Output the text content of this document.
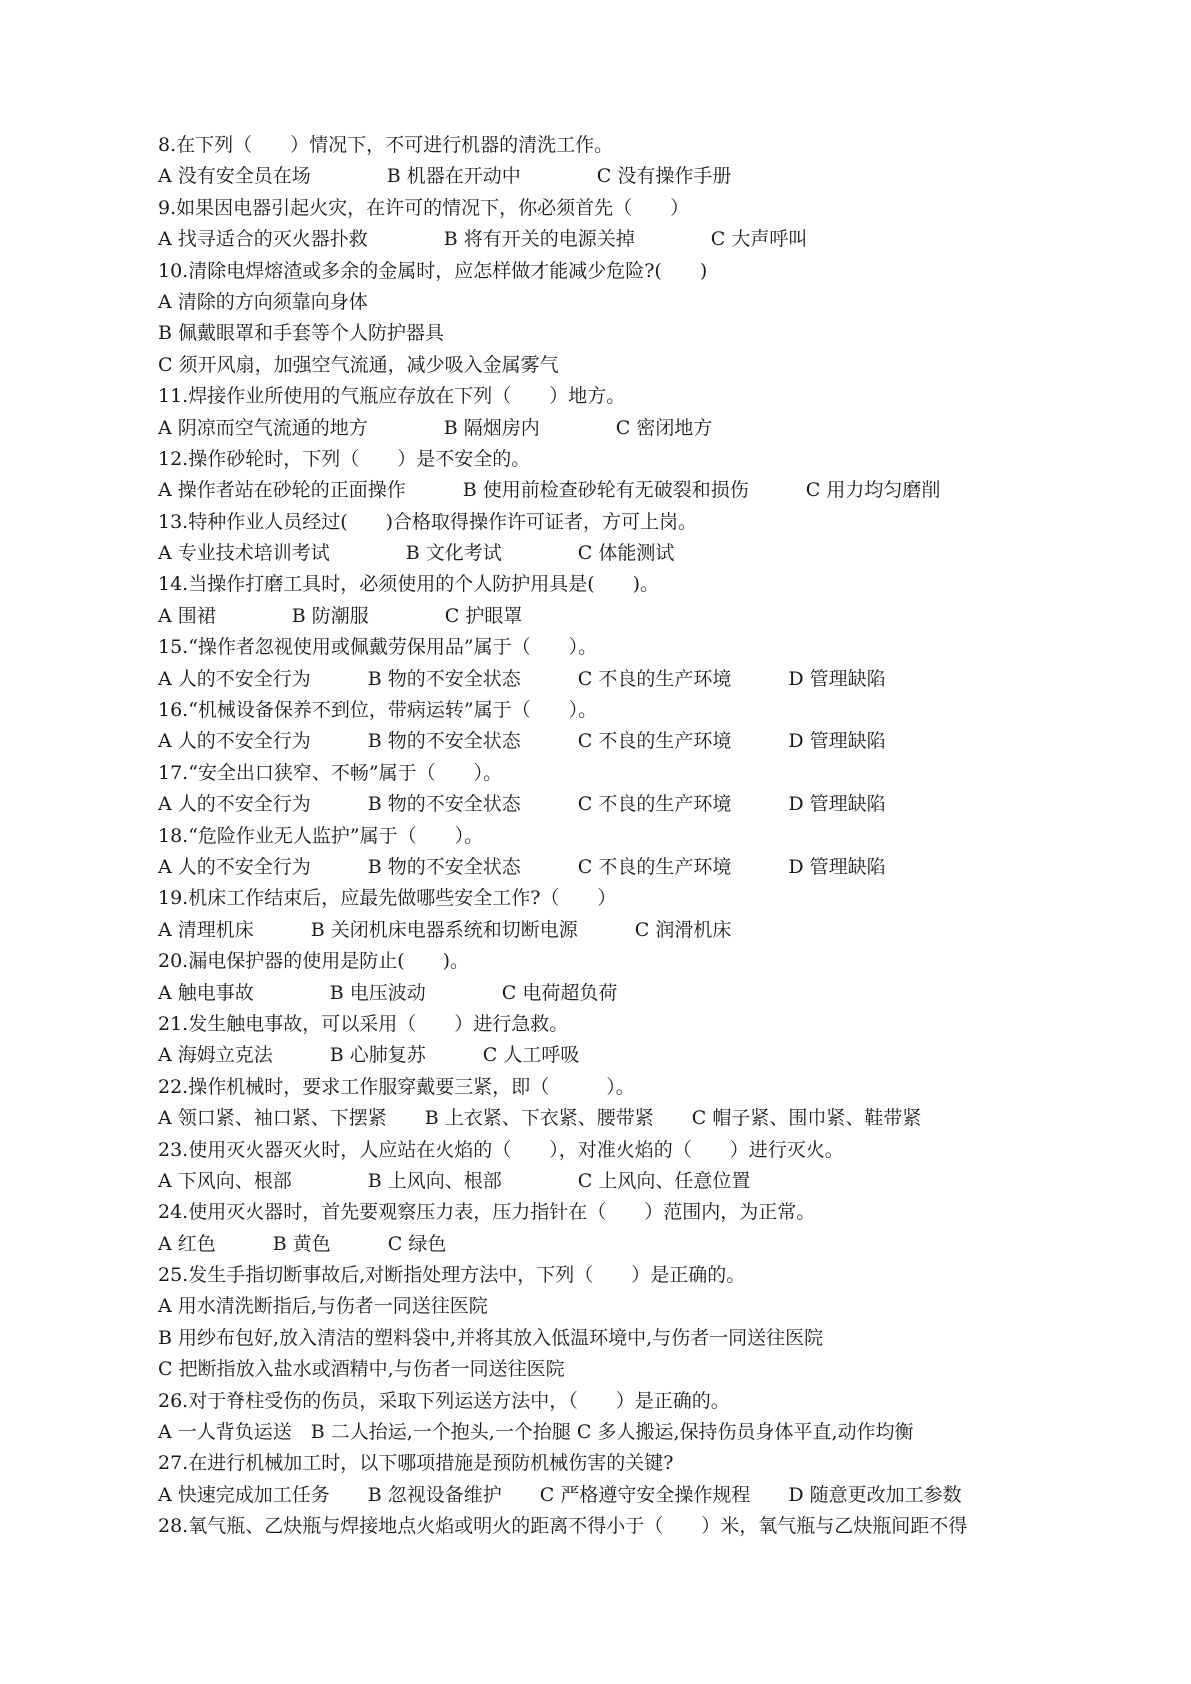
8.在下列（　　）情况下，不可进行机器的清洗工作。
A 没有安全员在场　　　　B 机器在开动中　　　　C 没有操作手册
9.如果因电器引起火灾，在许可的情况下，你必须首先（　　）
A 找寻适合的灭火器扑救　　　　B 将有开关的电源关掉　　　　C 大声呼叫
10.清除电焊熔渣或多余的金属时，应怎样做才能减少危险?(　　)
A 清除的方向须靠向身体
B 佩戴眼罩和手套等个人防护器具
C 须开风扇，加强空气流通，减少吸入金属雾气
11.焊接作业所使用的气瓶应存放在下列（　　）地方。
A 阴凉而空气流通的地方　　　　B 隔烟房内　　　　C 密闭地方
12.操作砂轮时，下列（　　）是不安全的。
A 操作者站在砂轮的正面操作　　　B 使用前检查砂轮有无破裂和损伤　　　C 用力均匀磨削
13.特种作业人员经过(　　)合格取得操作许可证者，方可上岗。
A 专业技术培训考试　　　　B 文化考试　　　　C 体能测试
14.当操作打磨工具时，必须使用的个人防护用具是(　　)。
A 围裙　　　　B 防潮服　　　　C 护眼罩
15.“操作者忽视使用或佩戴劳保用品”属于（　　）。
A 人的不安全行为　　　B 物的不安全状态　　　C 不良的生产环境　　　D 管理缺陷
16.“机械设备保养不到位，带病运转”属于（　　）。
A 人的不安全行为　　　B 物的不安全状态　　　C 不良的生产环境　　　D 管理缺陷
17.“安全出口狭窄、不畅”属于（　　）。
A 人的不安全行为　　　B 物的不安全状态　　　C 不良的生产环境　　　D 管理缺陷
18.“危险作业无人监护”属于（　　）。
A 人的不安全行为　　　B 物的不安全状态　　　C 不良的生产环境　　　D 管理缺陷
19.机床工作结束后，应最先做哪些安全工作?（　　）
A 清理机床　　　B 关闭机床电器系统和切断电源　　　C 润滑机床
20.漏电保护器的使用是防止(　　)。
A 触电事故　　　　B 电压波动　　　　C 电荷超负荷
21.发生触电事故，可以采用（　　）进行急救。
A 海姆立克法　　　B 心肺复苏　　　C 人工呼吸
22.操作机械时，要求工作服穿戴要三紧，即（　　　）。
A 领口紧、袖口紧、下摆紧　　B 上衣紧、下衣紧、腰带紧　　C 帽子紧、围巾紧、鞋带紧
23.使用灭火器灭火时，人应站在火焰的（　　），对准火焰的（　　）进行灭火。
A 下风向、根部　　　　B 上风向、根部　　　　C 上风向、任意位置
24.使用灭火器时，首先要观察压力表，压力指针在（　　）范围内，为正常。
A 红色　　　B 黄色　　　C 绿色
25.发生手指切断事故后,对断指处理方法中，下列（　　）是正确的。
A 用水清洗断指后,与伤者一同送往医院
B 用纱布包好,放入清洁的塑料袋中,并将其放入低温环境中,与伤者一同送往医院
C 把断指放入盐水或酒精中,与伤者一同送往医院
26.对于脊柱受伤的伤员，采取下列运送方法中，（　　）是正确的。
A 一人背负运送　B 二人抬运,一个抱头,一个抬腿 C 多人搬运,保持伤员身体平直,动作均衡
27.在进行机械加工时，以下哪项措施是预防机械伤害的关键?
A 快速完成加工任务　　B 忽视设备维护　　C 严格遵守安全操作规程　　D 随意更改加工参数
28.氧气瓶、乙炔瓶与焊接地点火焰或明火的距离不得小于（　　）米，氧气瓶与乙炔瓶间距不得
